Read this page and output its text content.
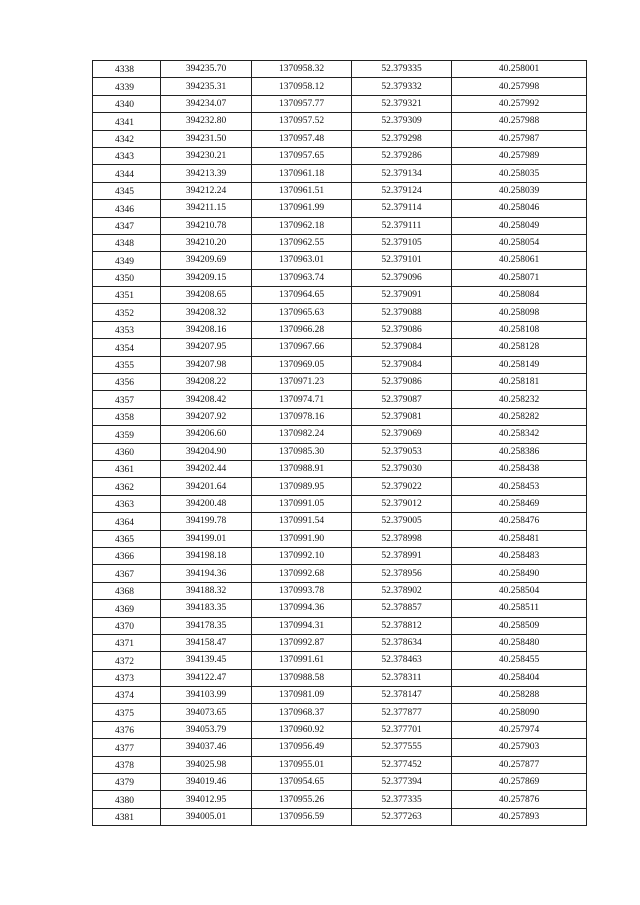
4338	394235.70	1370958.32	52.379335	40.258001
4339	394235.31	1370958.12	52.379332	40.257998
4340	394234.07	1370957.77	52.379321	40.257992
4341	394232.80	1370957.52	52.379309	40.257988
4342	394231.50	1370957.48	52.379298	40.257987
4343	394230.21	1370957.65	52.379286	40.257989
4344	394213.39	1370961.18	52.379134	40.258035
4345	394212.24	1370961.51	52.379124	40.258039
4346	394211.15	1370961.99	52.379114	40.258046
4347	394210.78	1370962.18	52.379111	40.258049
4348	394210.20	1370962.55	52.379105	40.258054
4349	394209.69	1370963.01	52.379101	40.258061
4350	394209.15	1370963.74	52.379096	40.258071
4351	394208.65	1370964.65	52.379091	40.258084
4352	394208.32	1370965.63	52.379088	40.258098
4353	394208.16	1370966.28	52.379086	40.258108
4354	394207.95	1370967.66	52.379084	40.258128
4355	394207.98	1370969.05	52.379084	40.258149
4356	394208.22	1370971.23	52.379086	40.258181
4357	394208.42	1370974.71	52.379087	40.258232
4358	394207.92	1370978.16	52.379081	40.258282
4359	394206.60	1370982.24	52.379069	40.258342
4360	394204.90	1370985.30	52.379053	40.258386
4361	394202.44	1370988.91	52.379030	40.258438
4362	394201.64	1370989.95	52.379022	40.258453
4363	394200.48	1370991.05	52.379012	40.258469
4364	394199.78	1370991.54	52.379005	40.258476
4365	394199.01	1370991.90	52.378998	40.258481
4366	394198.18	1370992.10	52.378991	40.258483
4367	394194.36	1370992.68	52.378956	40.258490
4368	394188.32	1370993.78	52.378902	40.258504
4369	394183.35	1370994.36	52.378857	40.258511
4370	394178.35	1370994.31	52.378812	40.258509
4371	394158.47	1370992.87	52.378634	40.258480
4372	394139.45	1370991.61	52.378463	40.258455
4373	394122.47	1370988.58	52.378311	40.258404
4374	394103.99	1370981.09	52.378147	40.258288
4375	394073.65	1370968.37	52.377877	40.258090
4376	394053.79	1370960.92	52.377701	40.257974
4377	394037.46	1370956.49	52.377555	40.257903
4378	394025.98	1370955.01	52.377452	40.257877
4379	394019.46	1370954.65	52.377394	40.257869
4380	394012.95	1370955.26	52.377335	40.257876
4381	394005.01	1370956.59	52.377263	40.257893
